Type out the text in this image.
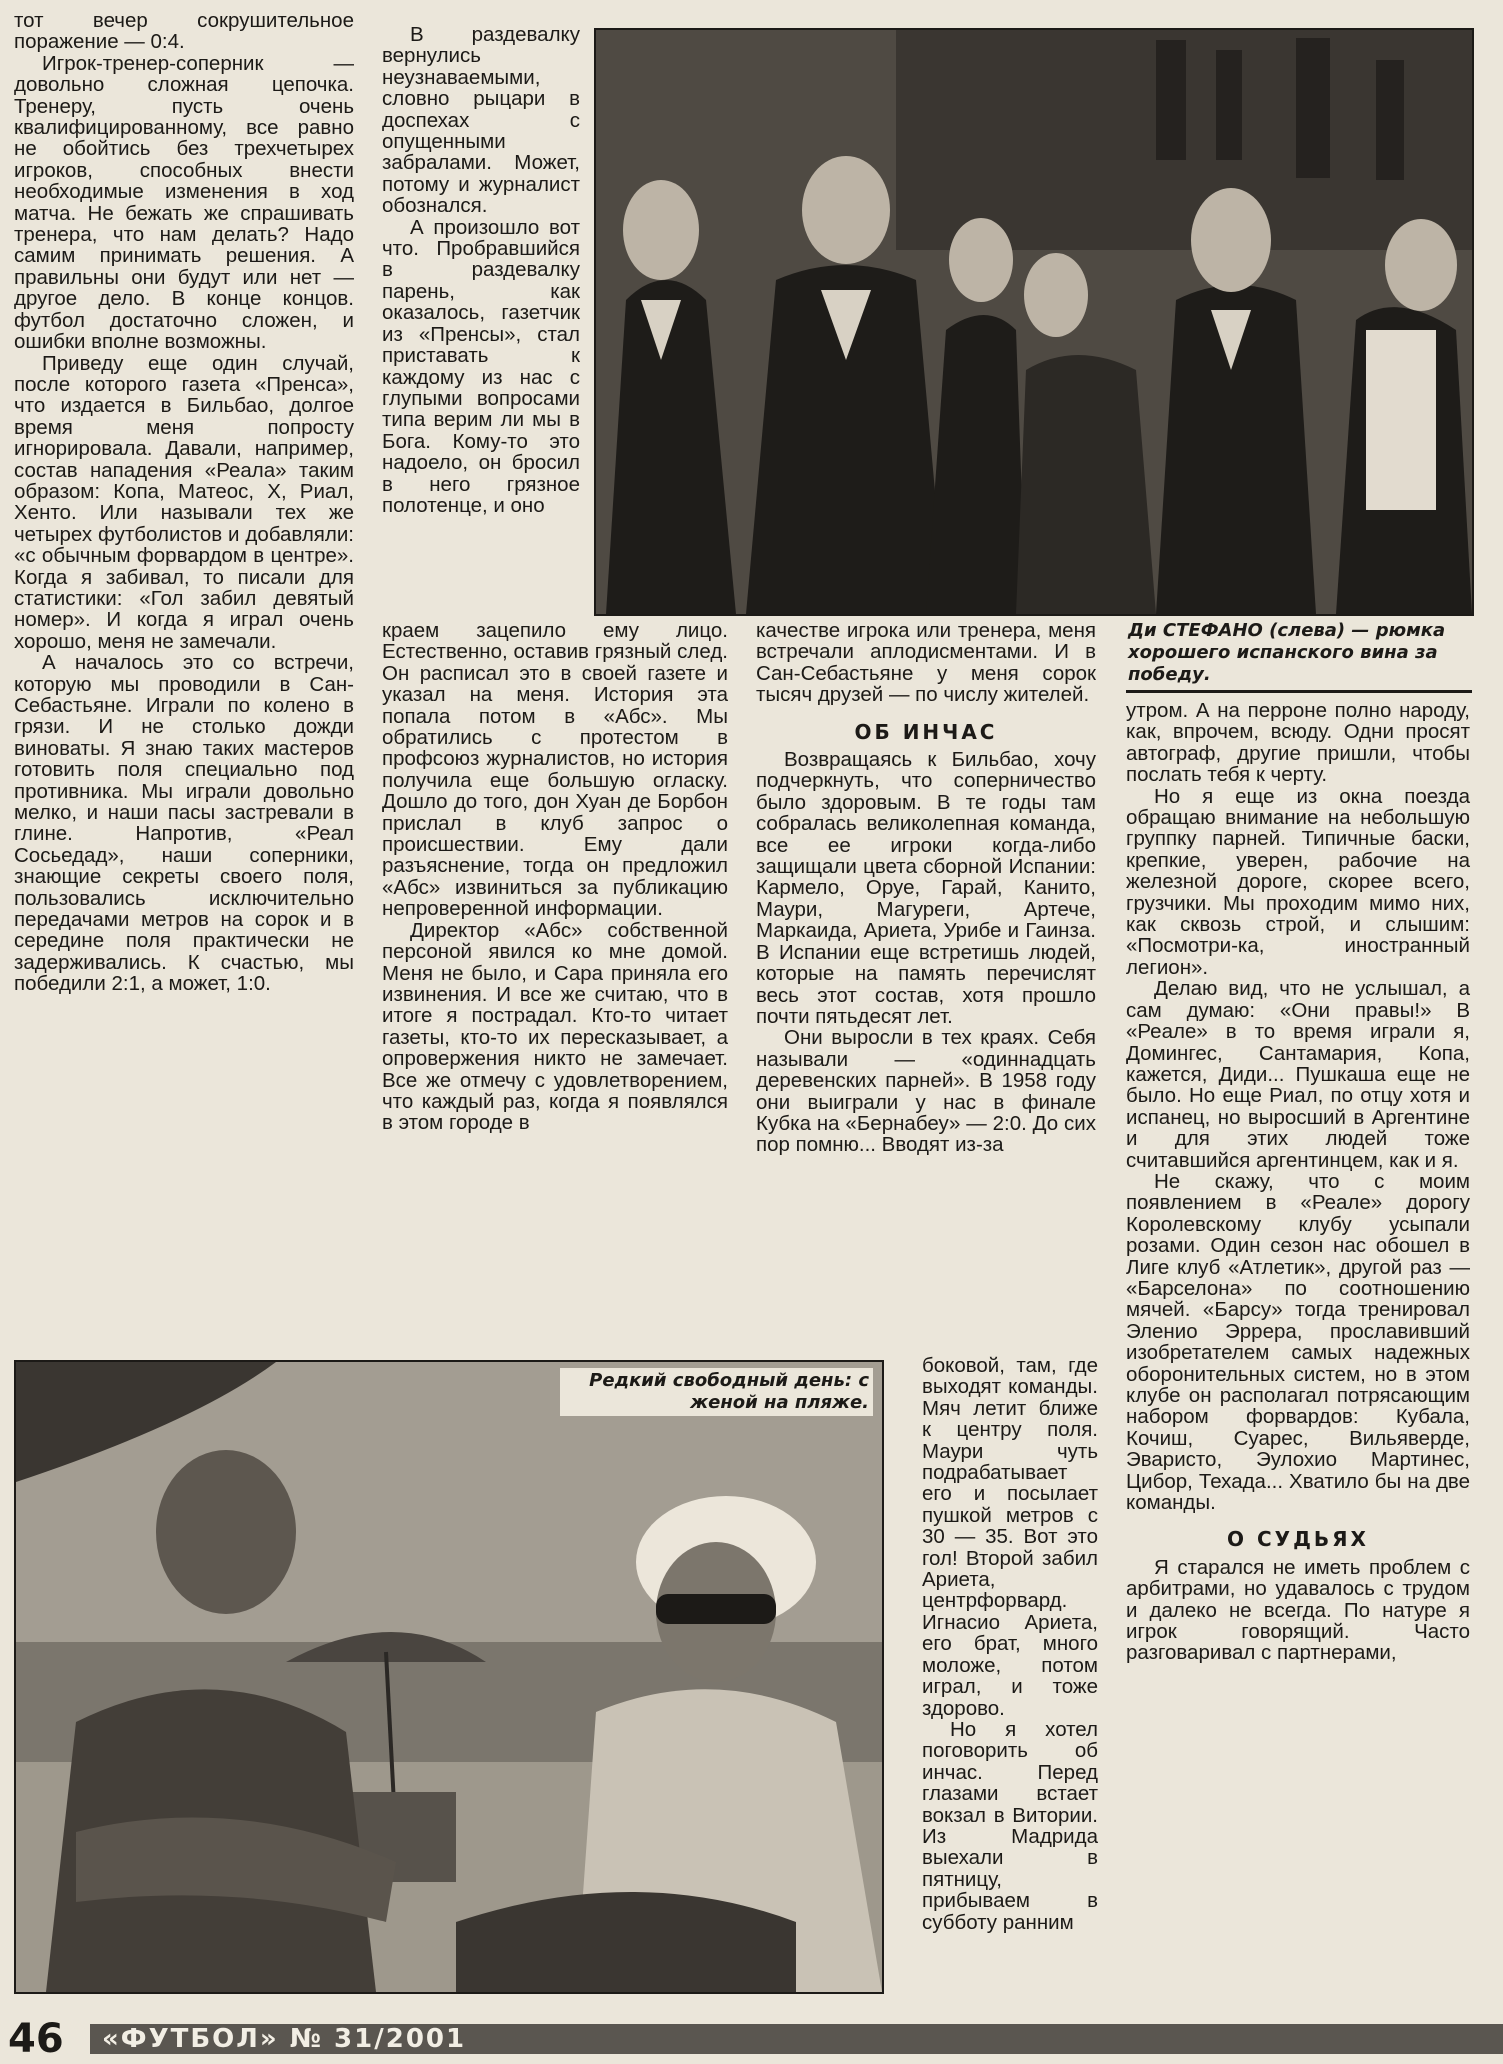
тот вечер сокрушительное поражение — 0:4.

Игрок-тренер-соперник — довольно сложная цепочка. Тренеру, пусть очень квалифицированному, все равно не обойтись без трехчетырех игроков, способных внести необходимые изменения в ход матча. Не бежать же спрашивать тренера, что нам делать? Надо самим принимать решения. А правильны они будут или нет — другое дело. В конце концов. футбол достаточно сложен, и ошибки вполне возможны.

Приведу еще один случай, после которого газета «Пренса», что издается в Бильбао, долгое время меня попросту игнорировала. Давали, например, состав нападения «Реала» таким образом: Копа, Матеос, Х, Риал, Хенто. Или называли тех же четырех футболистов и добавляли: «с обычным форвардом в центре». Когда я забивал, то писали для статистики: «Гол забил девятый номер». И когда я играл очень хорошо, меня не замечали.

А началось это со встречи, которую мы проводили в Сан-Себастьяне. Играли по колено в грязи. И не столько дожди виноваты. Я знаю таких мастеров готовить поля специально под противника. Мы играли довольно мелко, и наши пасы застревали в глине. Напротив, «Реал Сосьедад», наши соперники, знающие секреты своего поля, пользовались исключительно передачами метров на сорок и в середине поля практически не задерживались. К счастью, мы победили 2:1, а может, 1:0.

В раздевалку вернулись неузнаваемыми, словно рыцари в доспехах с опущенными забралами. Может, потому и журналист обознался.

А произошло вот что. Пробравшийся в раздевалку парень, как оказалось, газетчик из «Пренсы», стал приставать к каждому из нас с глупыми вопросами типа верим ли мы в Бога. Кому-то это надоело, он бросил в него грязное полотенце, и оно

краем зацепило ему лицо. Естественно, оставив грязный след. Он расписал это в своей газете и указал на меня. История эта попала потом в «Абс». Мы обратились с протестом в профсоюз журналистов, но история получила еще большую огласку. Дошло до того, дон Хуан де Борбон прислал в клуб запрос о происшествии. Ему дали разъяснение, тогда он предложил «Абс» извиниться за публикацию непроверенной информации.

Директор «Абс» собственной персоной явился ко мне домой. Меня не было, и Сара приняла его извинения. И все же считаю, что в итоге я пострадал. Кто-то читает газеты, кто-то их пересказывает, а опровержения никто не замечает. Все же отмечу с удовлетворением, что каждый раз, когда я появлялся в этом городе в

качестве игрока или тренера, меня встречали аплодисментами. И в Сан-Себастьяне у меня сорок тысяч друзей — по числу жителей.

ОБ ИНЧАС

Возвращаясь к Бильбао, хочу подчеркнуть, что соперничество было здоровым. В те годы там собралась великолепная команда, все ее игроки когда-либо защищали цвета сборной Испании: Кармело, Оруе, Гарай, Канито, Маури, Магуреги, Артече, Маркаида, Ариета, Урибе и Гаинза. В Испании еще встретишь людей, которые на память перечислят весь этот состав, хотя прошло почти пятьдесят лет.

Они выросли в тех краях. Себя называли — «одиннадцать деревенских парней». В 1958 году они выиграли у нас в финале Кубка на «Бернабеу» — 2:0. До сих пор помню... Вводят из-за

боковой, там, где выходят команды. Мяч летит ближе к центру поля. Маури чуть подрабатывает его и посылает пушкой метров с 30 — 35. Вот это гол! Второй забил Ариета, центрфорвард. Игнасио Ариета, его брат, много моложе, потом играл, и тоже здорово.

Но я хотел поговорить об инчас. Перед глазами встает вокзал в Витории. Из Мадрида выехали в пятницу, прибываем в субботу ранним

Ди СТЕФАНО (слева) — рюмка хорошего испанского вина за победу.

утром. А на перроне полно народу, как, впрочем, всюду. Одни просят автограф, другие пришли, чтобы послать тебя к черту.

Но я еще из окна поезда обращаю внимание на небольшую группку парней. Типичные баски, крепкие, уверен, рабочие на железной дороге, скорее всего, грузчики. Мы проходим мимо них, как сквозь строй, и слышим: «Посмотри-ка, иностранный легион».

Делаю вид, что не услышал, а сам думаю: «Они правы!» В «Реале» в то время играли я, Домингес, Сантамария, Копа, кажется, Диди... Пушкаша еще не было. Но еще Риал, по отцу хотя и испанец, но выросший в Аргентине и для этих людей тоже считавшийся аргентинцем, как и я.

Не скажу, что с моим появлением в «Реале» дорогу Королевскому клубу усыпали розами. Один сезон нас обошел в Лиге клуб «Атлетик», другой раз — «Барселона» по соотношению мячей. «Барсу» тогда тренировал Эленио Эррера, прославивший изобретателем самых надежных оборонительных систем, но в этом клубе он располагал потрясающим набором форвардов: Кубала, Кочиш, Суарес, Вильяверде, Эваристо, Эулохио Мартинес, Цибор, Техада... Хватило бы на две команды.

О СУДЬЯХ

Я старался не иметь проблем с арбитрами, но удавалось с трудом и далеко не всегда. По натуре я игрок говорящий. Часто разговаривал с партнерами,

Редкий свободный день: с женой на пляже.
46 «ФУТБОЛ» № 31/2001
